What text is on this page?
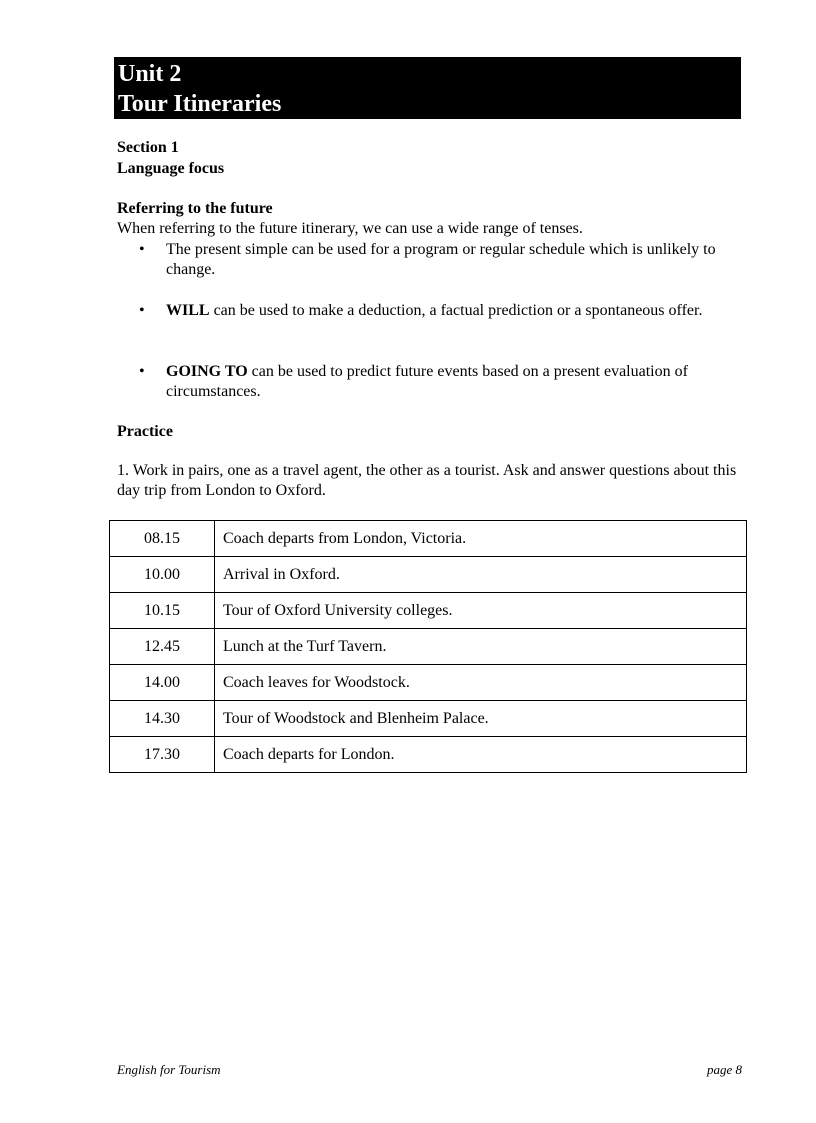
Unit 2
Tour Itineraries
Section 1
Language focus
Referring to the future
When referring to the future itinerary, we can use a wide range of tenses.
• The present simple can be used for a program or regular schedule which is unlikely to change.
• WILL can be used to make a deduction, a factual prediction or a spontaneous offer.
• GOING TO can be used to predict future events based on a present evaluation of circumstances.
Practice
1. Work in pairs, one as a travel agent, the other as a tourist. Ask and answer questions about this day trip from London to Oxford.
08.15	Coach departs from London, Victoria.
10.00	Arrival in Oxford.
10.15	Tour of Oxford University colleges.
12.45	Lunch at the Turf Tavern.
14.00	Coach leaves for Woodstock.
14.30	Tour of Woodstock and Blenheim Palace.
17.30	Coach departs for London.
English for Tourism	page 8
